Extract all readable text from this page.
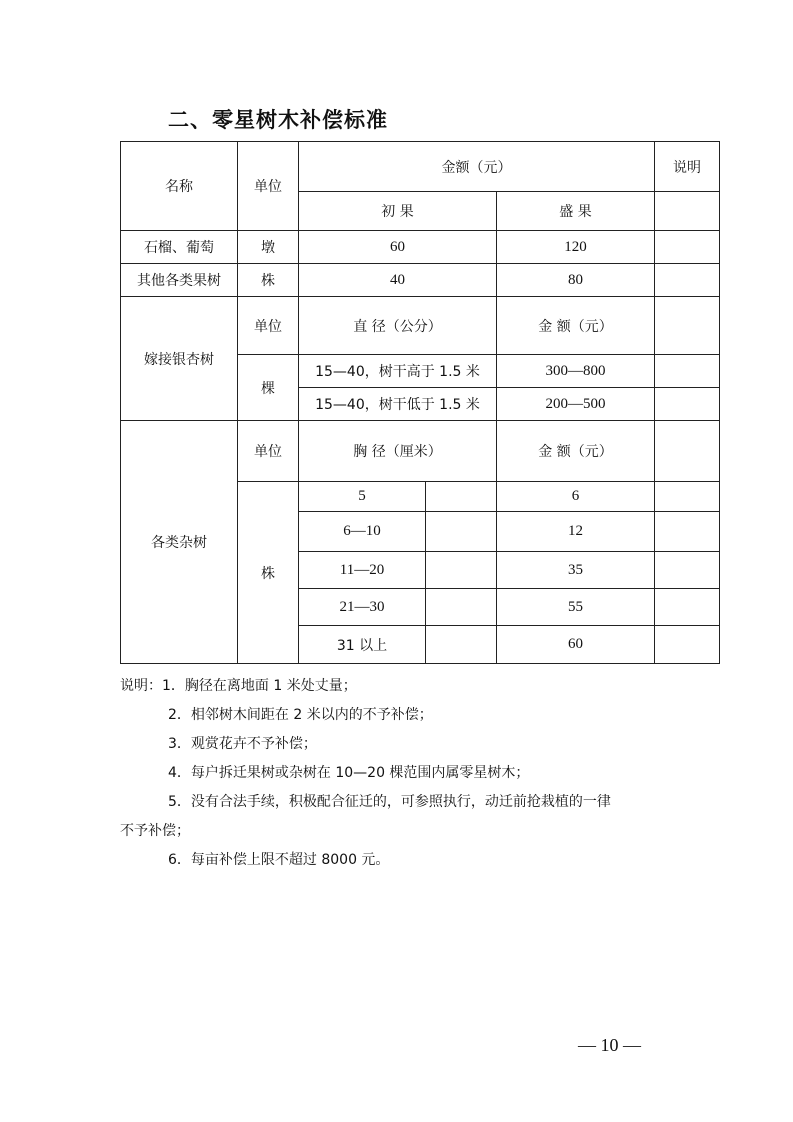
二、零星树木补偿标准
名称	单位	金额（元）			说明
		初 果		盛 果	
石榴、葡萄	墩	60		120	
其他各类果树	株	40		80	
嫁接银杏树	单位	直 径（公分）		金 额（元）	
	棵	15—40，树干高于 1.5 米		300—800	
		15—40，树干低于 1.5 米		200—500	
各类杂树	单位	胸 径（厘米）		金 额（元）	
	株	5		6	
		6—10		12	
		11—20		35	
		21—30		55	
		31 以上		60	
说明：1．胸径在离地面 1 米处丈量；
2．相邻树木间距在 2 米以内的不予补偿；
3．观赏花卉不予补偿；
4．每户拆迁果树或杂树在 10—20 棵范围内属零星树木；
5．没有合法手续，积极配合征迁的，可参照执行，动迁前抢栽植的一律
不予补偿；
6．每亩补偿上限不超过 8000 元。
— 10 —
